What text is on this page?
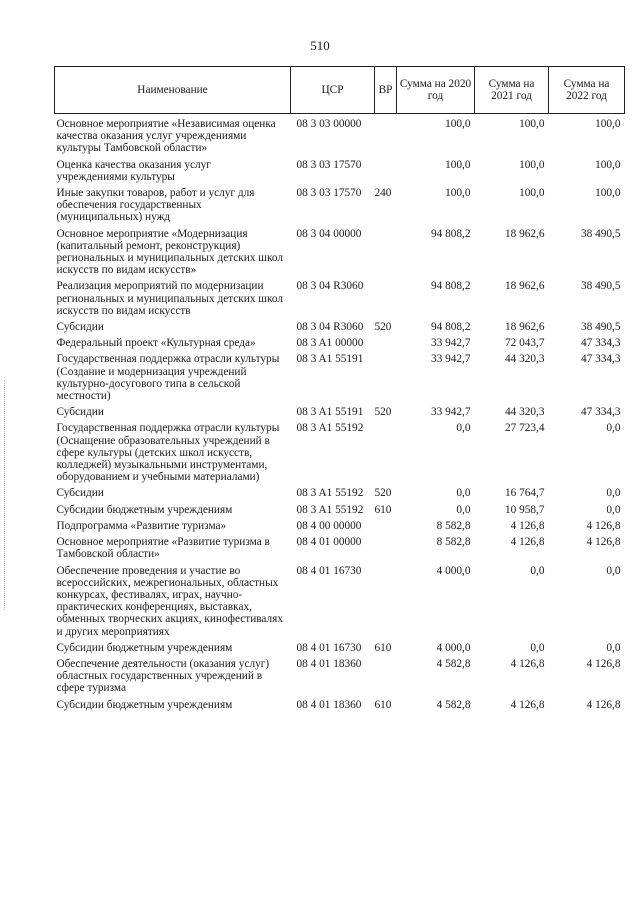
510
Наименование	ЦСР	ВР	Сумма на 2020 год	Сумма на 2021 год	Сумма на 2022 год
Основное мероприятие «Независимая оценка качества оказания услуг учреждениями культуры Тамбовской области»	08 3 03 00000		100,0	100,0	100,0
Оценка качества оказания услуг учреждениями культуры	08 3 03 17570		100,0	100,0	100,0
Иные закупки товаров, работ и услуг для обеспечения государственных (муниципальных) нужд	08 3 03 17570	240	100,0	100,0	100,0
Основное мероприятие «Модернизация (капитальный ремонт, реконструкция) региональных и муниципальных детских школ искусств по видам искусств»	08 3 04 00000		94 808,2	18 962,6	38 490,5
Реализация мероприятий по модернизации региональных и муниципальных детских школ искусств по видам искусств	08 3 04 R3060		94 808,2	18 962,6	38 490,5
Субсидии	08 3 04 R3060	520	94 808,2	18 962,6	38 490,5
Федеральный проект «Культурная среда»	08 3 A1 00000		33 942,7	72 043,7	47 334,3
Государственная поддержка отрасли культуры (Создание и модернизация учреждений культурно-досугового типа в сельской местности)	08 3 A1 55191		33 942,7	44 320,3	47 334,3
Субсидии	08 3 A1 55191	520	33 942,7	44 320,3	47 334,3
Государственная поддержка отрасли культуры (Оснащение образовательных учреждений в сфере культуры (детских школ искусств, колледжей) музыкальными инструментами, оборудованием и учебными материалами)	08 3 A1 55192		0,0	27 723,4	0,0
Субсидии	08 3 A1 55192	520	0,0	16 764,7	0,0
Субсидии бюджетным учреждениям	08 3 A1 55192	610	0,0	10 958,7	0,0
Подпрограмма «Развитие туризма»	08 4 00 00000		8 582,8	4 126,8	4 126,8
Основное мероприятие «Развитие туризма в Тамбовской области»	08 4 01 00000		8 582,8	4 126,8	4 126,8
Обеспечение проведения и участие во всероссийских, межрегиональных, областных конкурсах, фестивалях, играх, научно-практических конференциях, выставках, обменных творческих акциях, кинофестивалях и других мероприятиях	08 4 01 16730		4 000,0	0,0	0,0
Субсидии бюджетным учреждениям	08 4 01 16730	610	4 000,0	0,0	0,0
Обеспечение деятельности (оказания услуг) областных государственных учреждений в сфере туризма	08 4 01 18360		4 582,8	4 126,8	4 126,8
Субсидии бюджетным учреждениям	08 4 01 18360	610	4 582,8	4 126,8	4 126,8
